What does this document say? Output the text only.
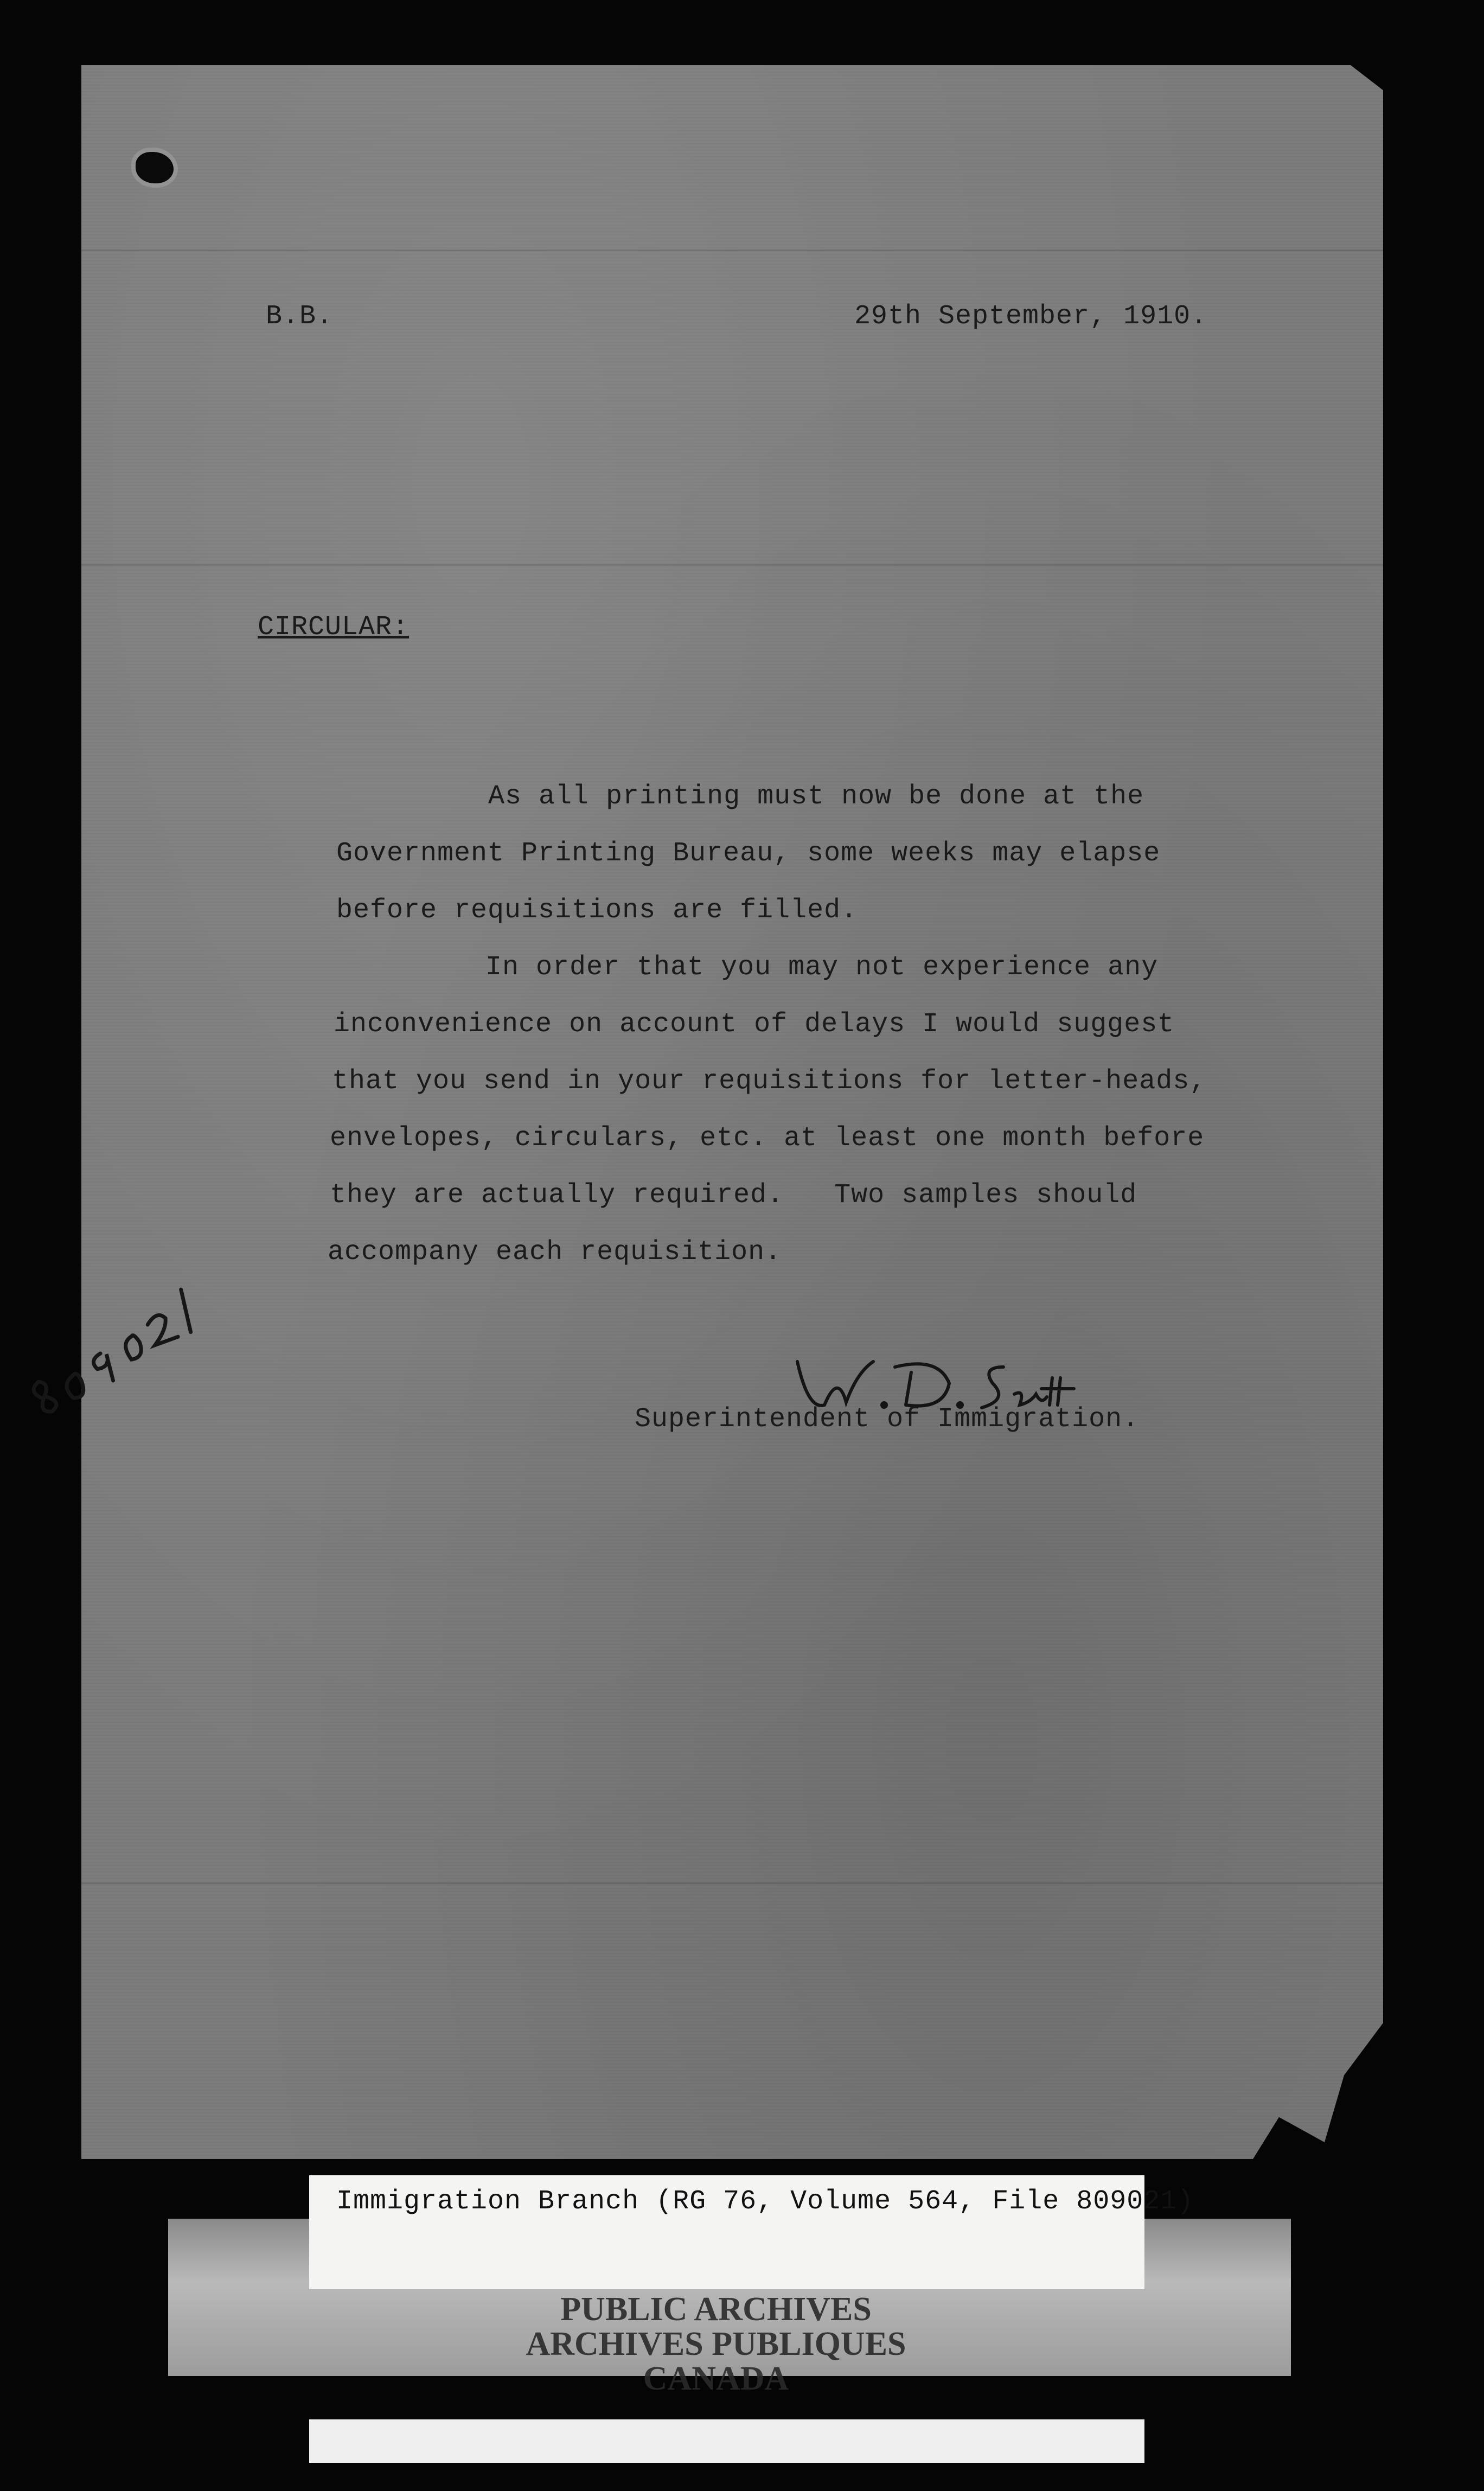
B.B.	29th September, 1910.
CIRCULAR:
As all printing must now be done at the
Government Printing Bureau, some weeks may elapse
before requisitions are filled.
In order that you may not experience any
inconvenience on account of delays I would suggest
that you send in your requisitions for letter-heads,
envelopes, circulars, etc. at least one month before
they are actually required.   Two samples should
accompany each requisition.
Superintendent of Immigration.
Immigration Branch (RG 76, Volume 564, File 809021)
PUBLIC ARCHIVES
ARCHIVES PUBLIQUES
CANADA
